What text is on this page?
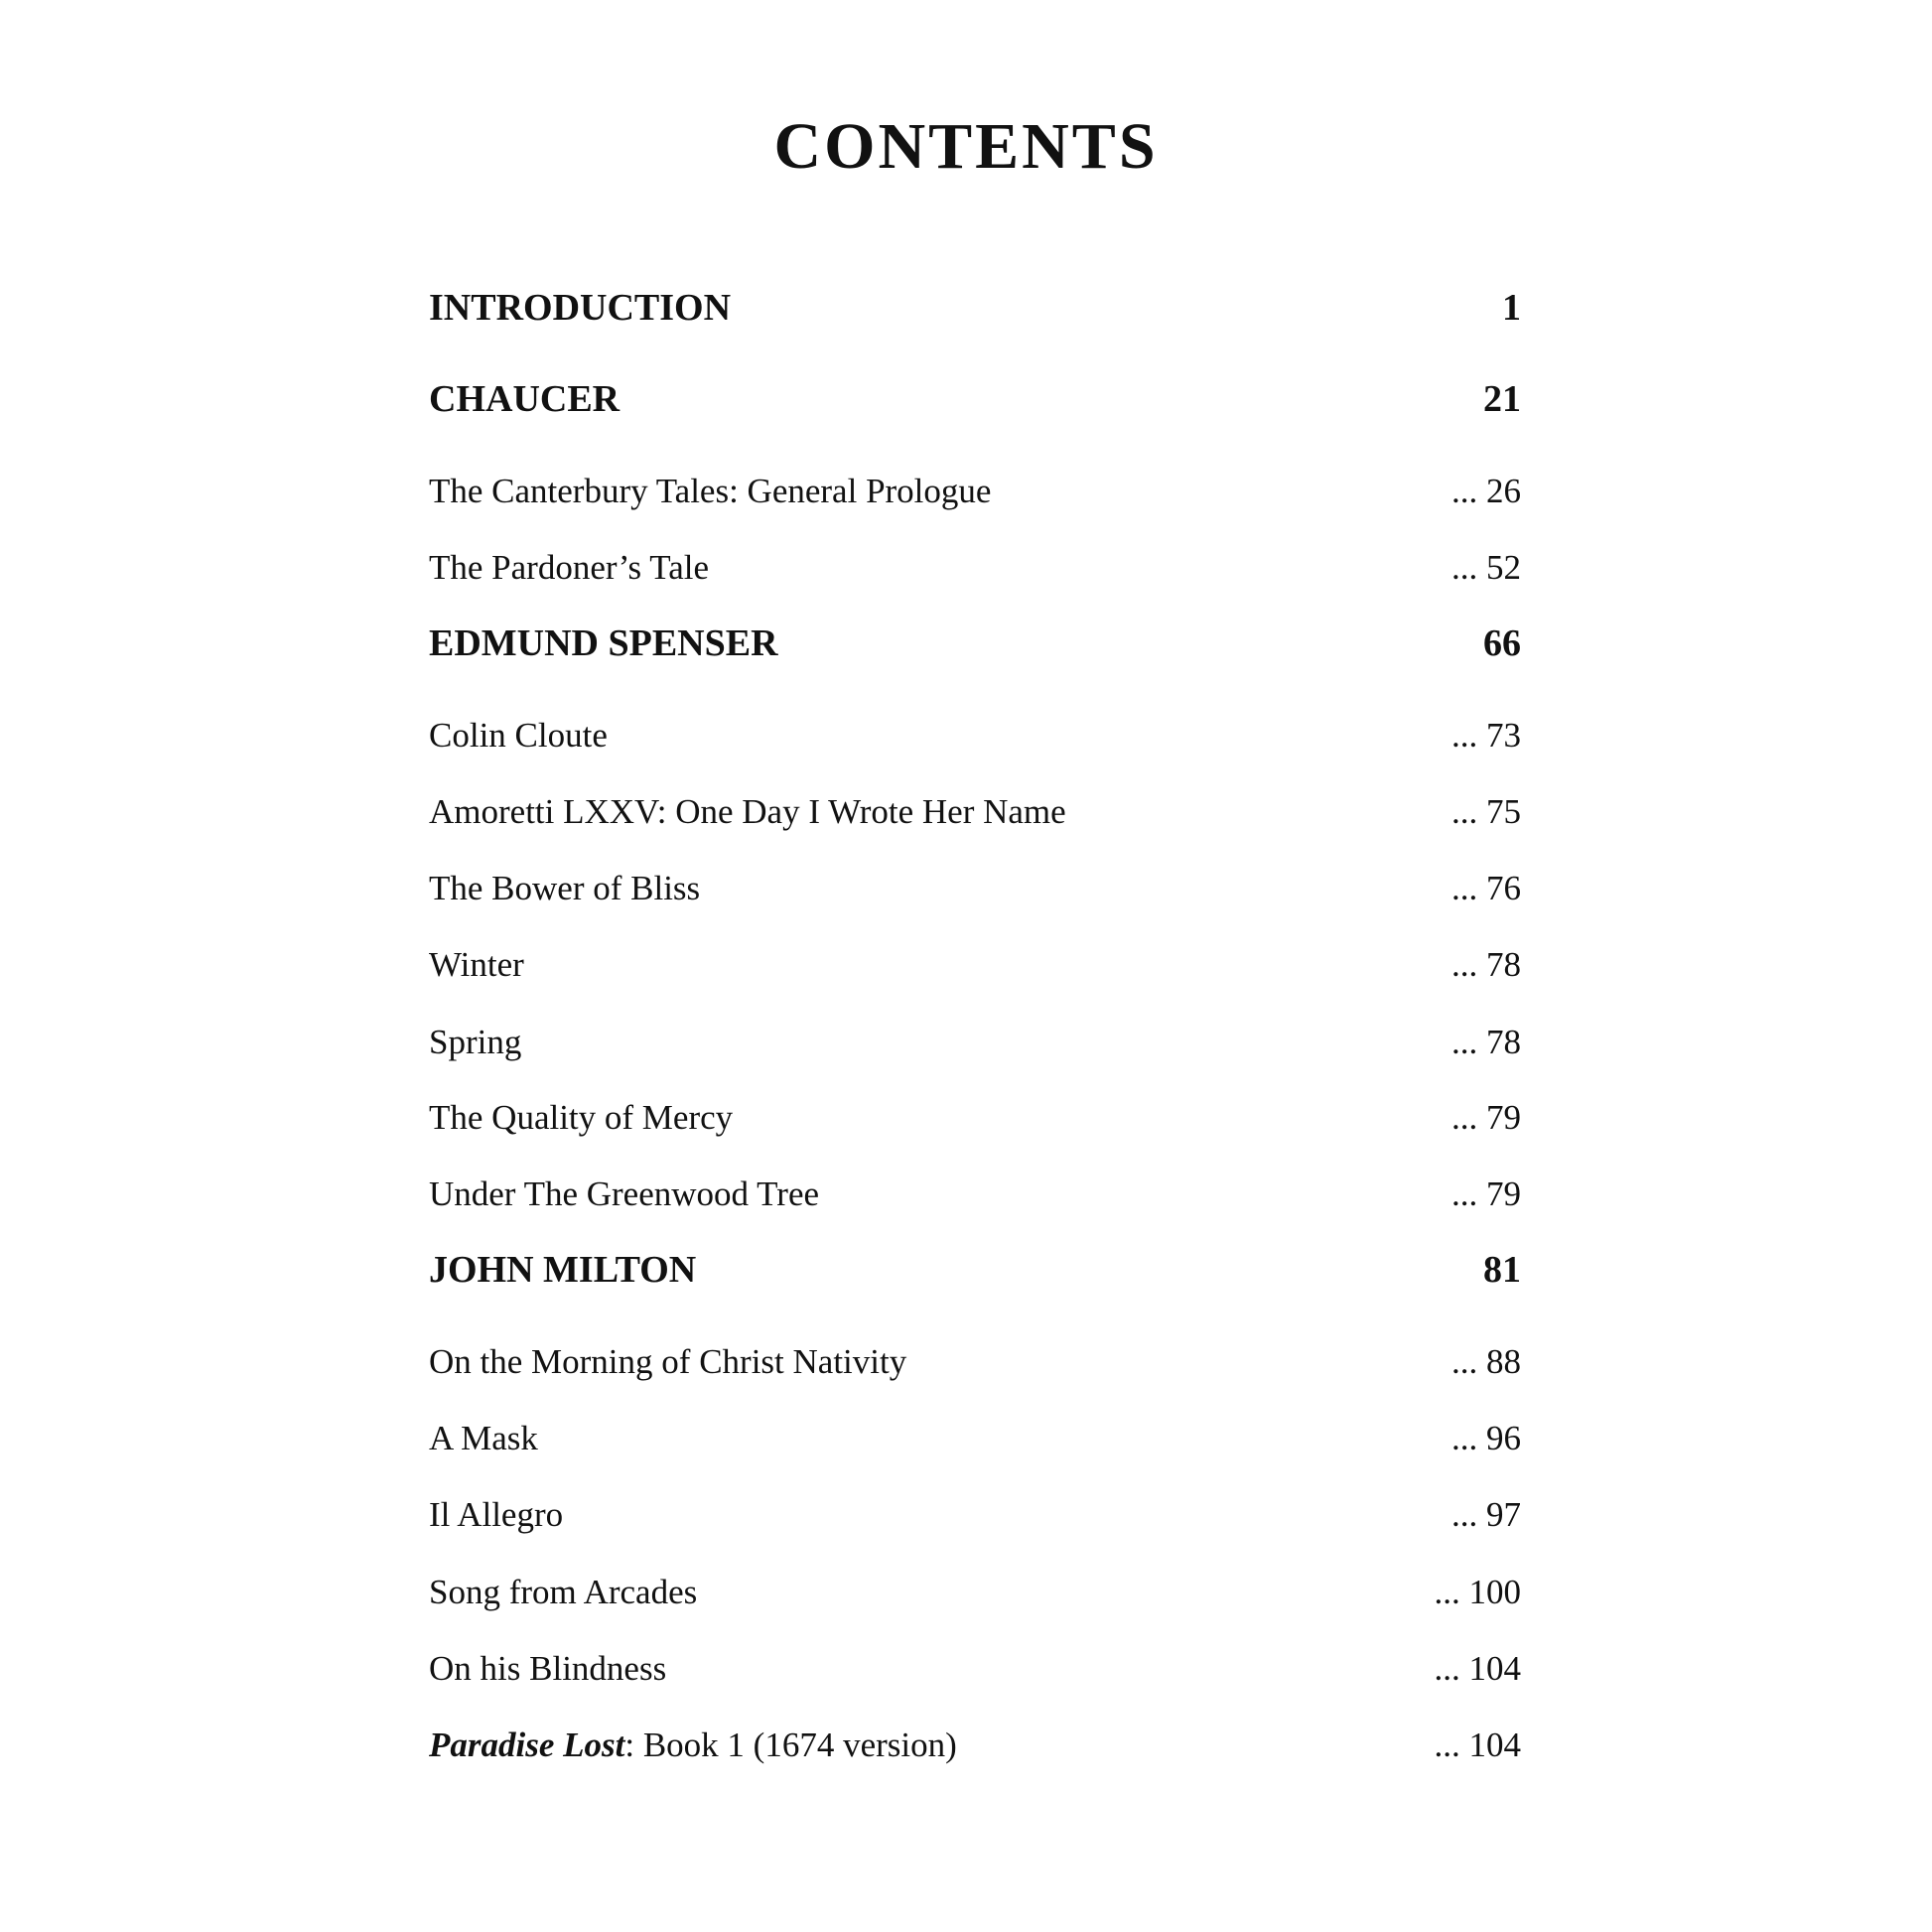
CONTENTS
INTRODUCTION	1
CHAUCER	21
The Canterbury Tales: General Prologue	... 26
The Pardoner’s Tale	... 52
EDMUND SPENSER	66
Colin Cloute	... 73
Amoretti LXXV: One Day I Wrote Her Name	... 75
The Bower of Bliss	... 76
Winter	... 78
Spring	... 78
The Quality of Mercy	... 79
Under The Greenwood Tree	... 79
JOHN MILTON	81
On the Morning of Christ Nativity	... 88
A Mask	... 96
Il Allegro	... 97
Song from Arcades	... 100
On his Blindness	... 104
Paradise Lost: Book 1 (1674 version)	... 104
